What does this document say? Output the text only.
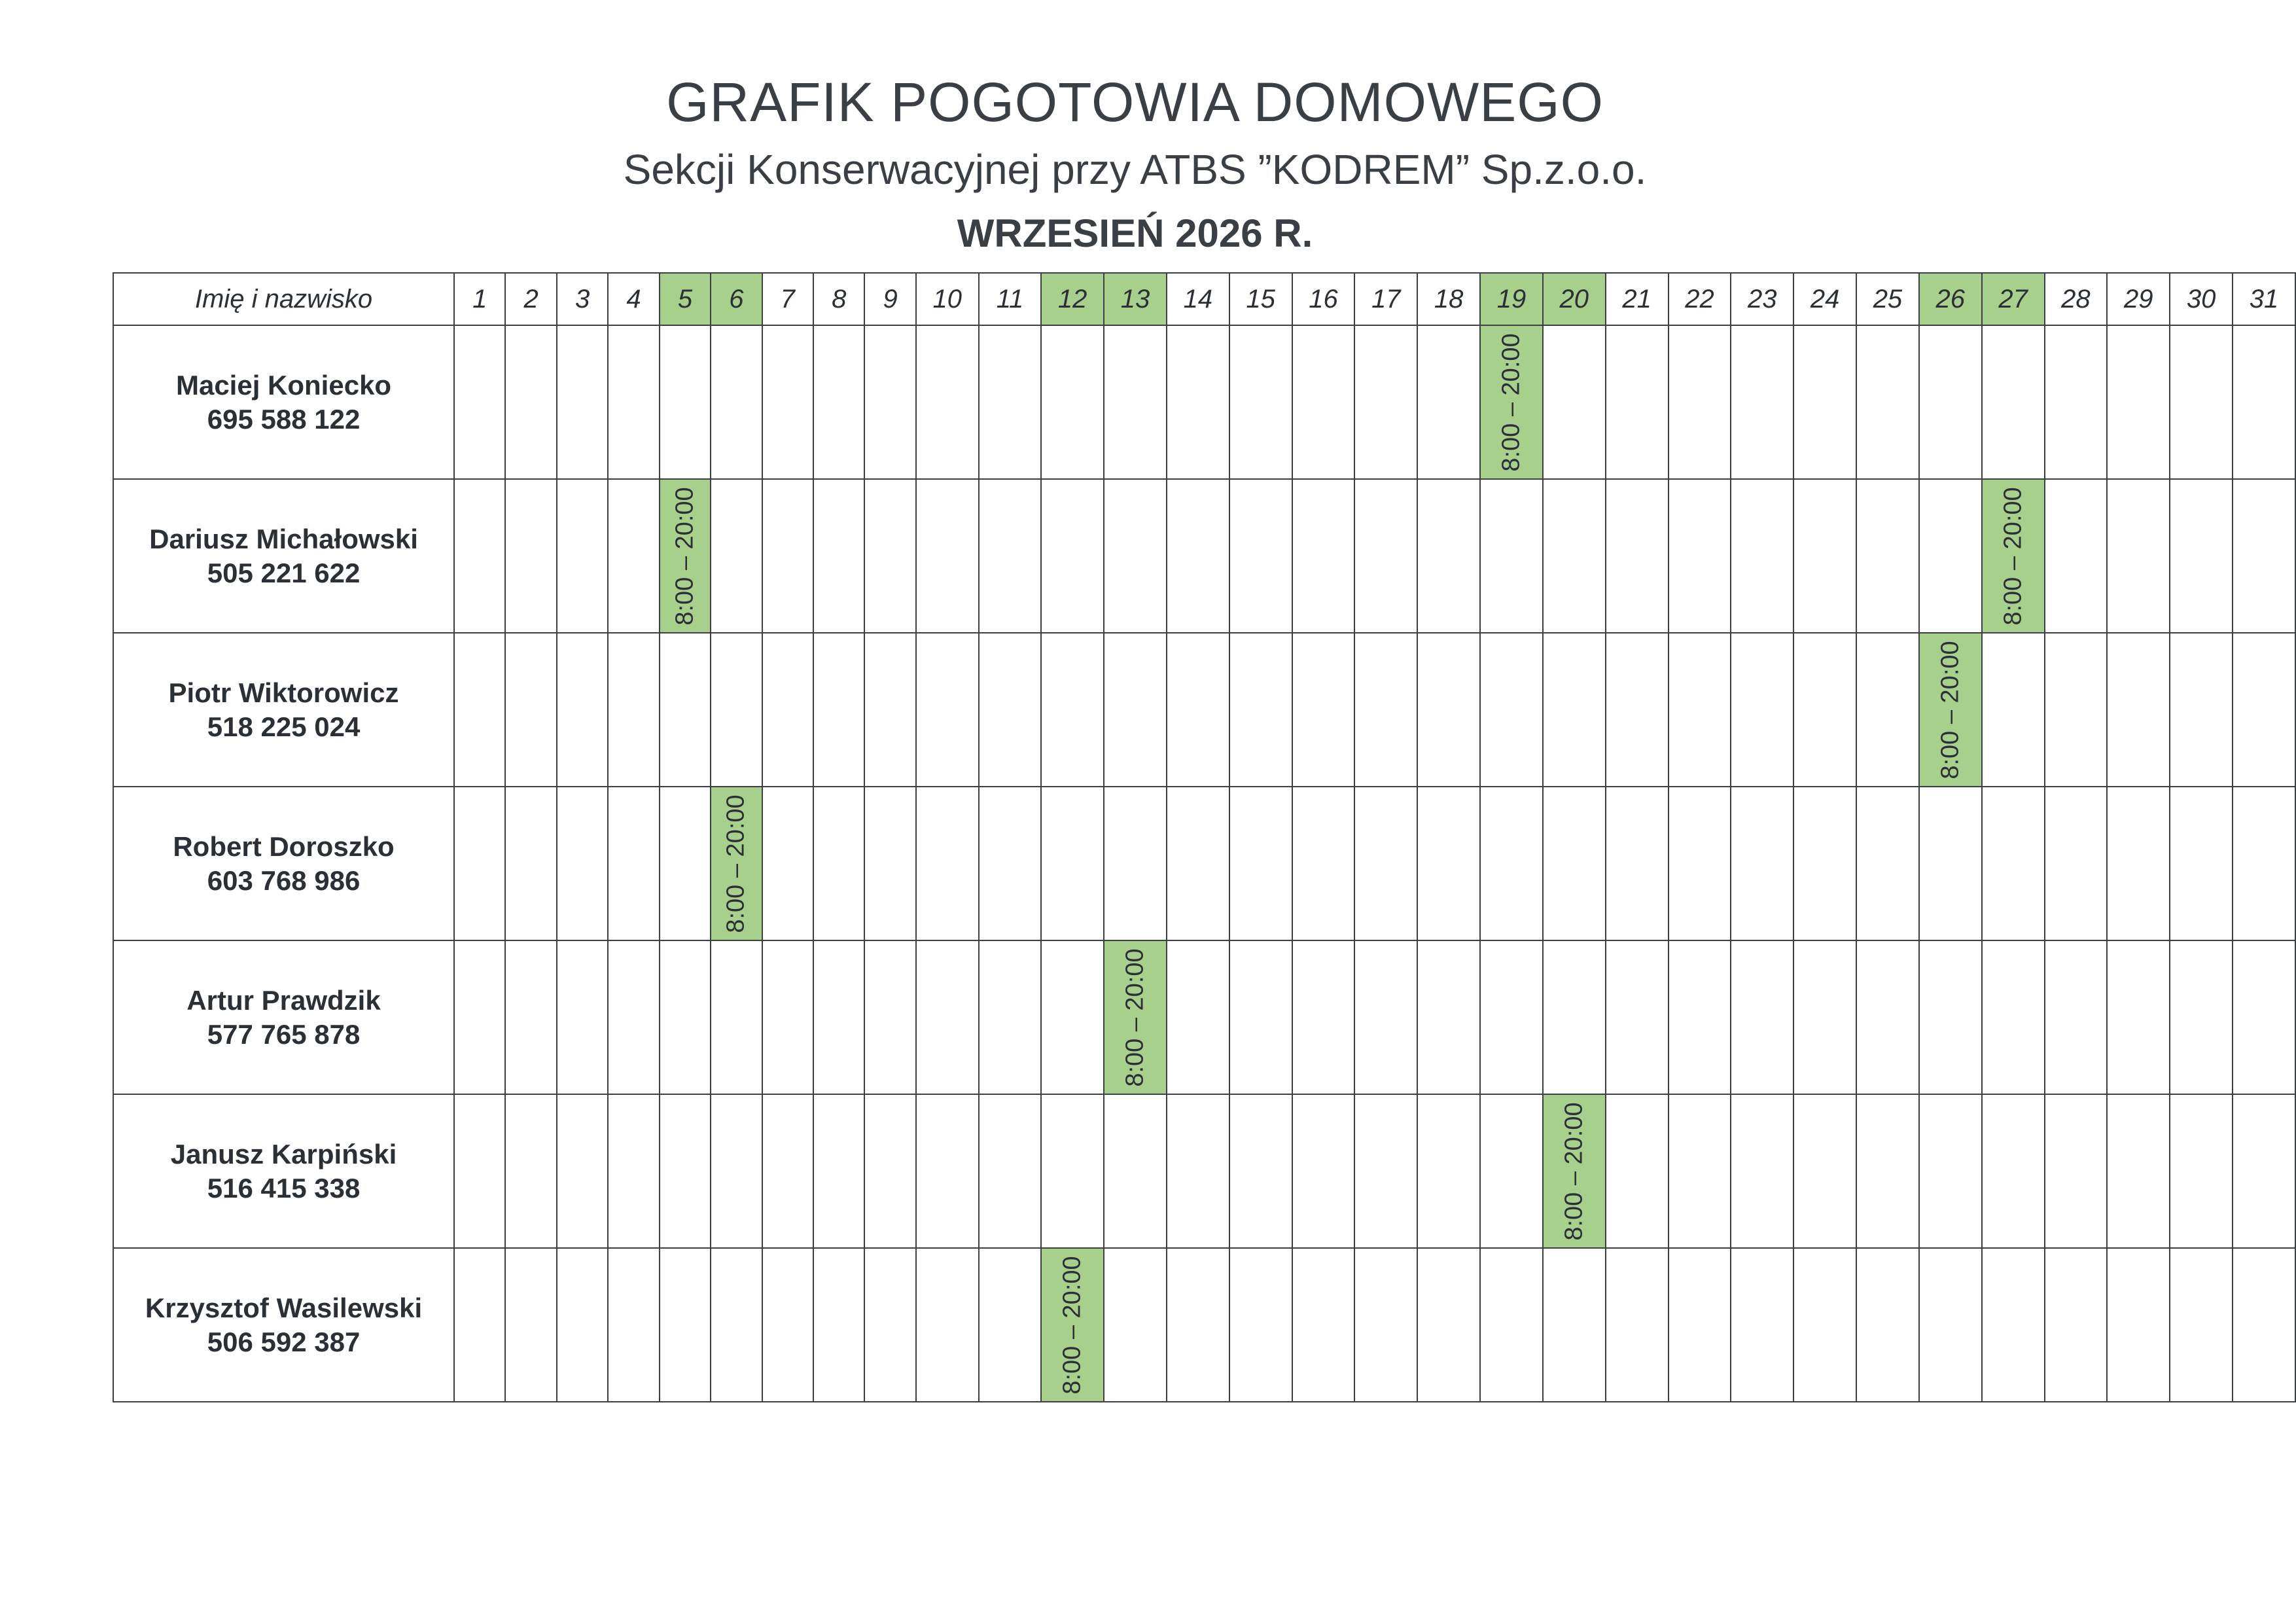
GRAFIK POGOTOWIA DOMOWEGO
Sekcji Konserwacyjnej przy ATBS ”KODREM” Sp.z.o.o.
WRZESIEŃ 2026 R.
Imię i nazwisko	1	2	3	4	5	6	7	8	9	10	11	12	13	14	15	16	17	18	19	20	21	22	23	24	25	26	27	28	29	30	31

Maciej Koniecko
695 588 122																			8:00 – 20:00												

Dariusz Michałowski
505 221 622					8:00 – 20:00																						8:00 – 20:00				

Piotr Wiktorowicz
518 225 024																										8:00 – 20:00					

Robert Doroszko
603 768 986						8:00 – 20:00																									

Artur Prawdzik
577 765 878													8:00 – 20:00																		

Janusz Karpiński
516 415 338																				8:00 – 20:00											

Krzysztof Wasilewski
506 592 387												8:00 – 20:00																			
